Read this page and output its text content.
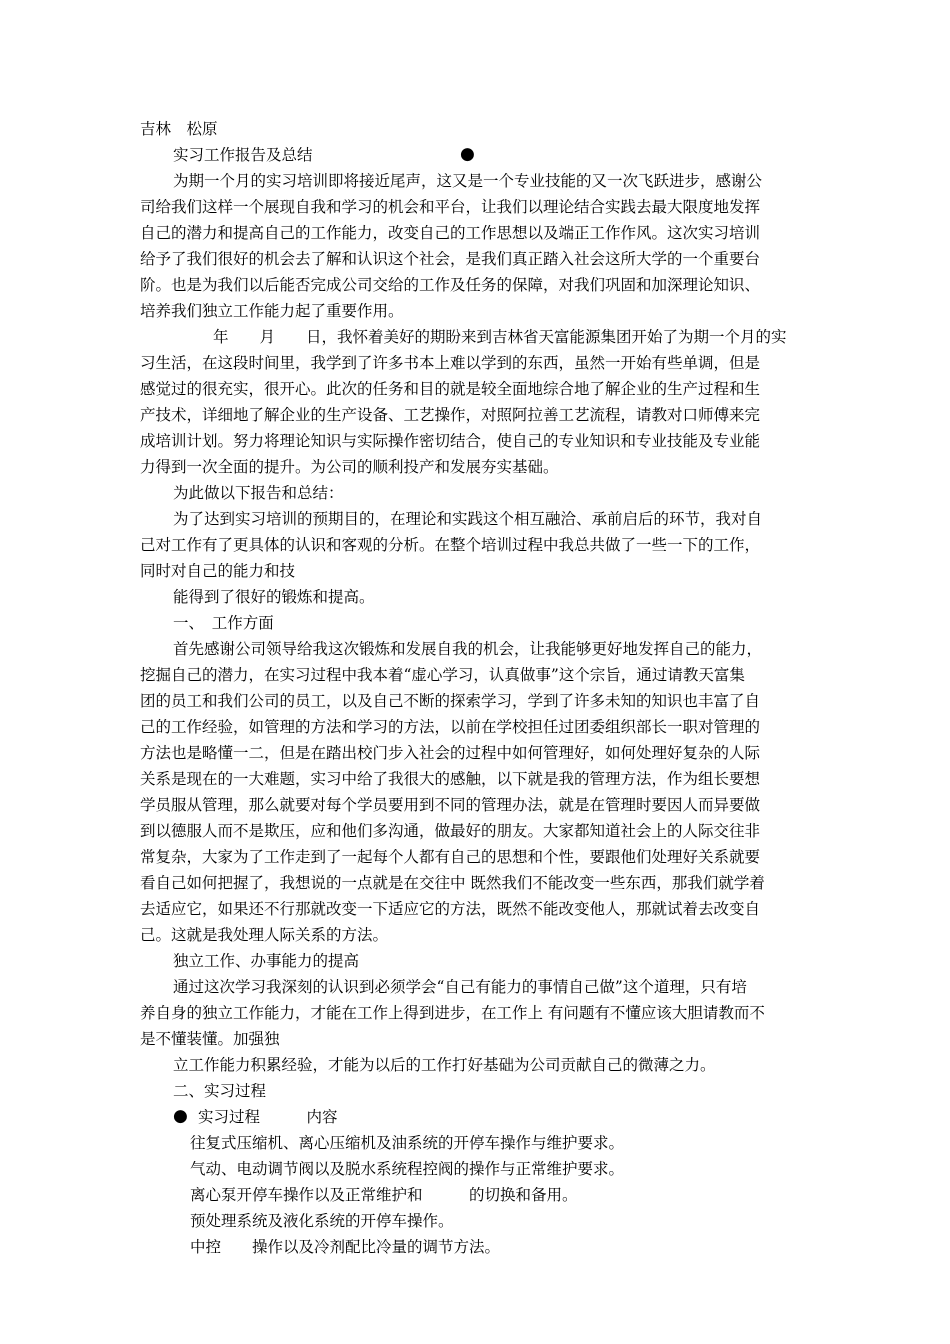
吉林　松原
实习工作报告及总结	●
为期一个月的实习培训即将接近尾声，这又是一个专业技能的又一次飞跃进步，感谢公
司给我们这样一个展现自我和学习的机会和平台，让我们以理论结合实践去最大限度地发挥
自己的潜力和提高自己的工作能力，改变自己的工作思想以及端正工作作风。这次实习培训
给予了我们很好的机会去了解和认识这个社会，是我们真正踏入社会这所大学的一个重要台
阶。也是为我们以后能否完成公司交给的工作及任务的保障，对我们巩固和加深理论知识、
培养我们独立工作能力起了重要作用。
年　　月　　日，我怀着美好的期盼来到吉林省天富能源集团开始了为期一个月的实
习生活，在这段时间里，我学到了许多书本上难以学到的东西，虽然一开始有些单调，但是
感觉过的很充实，很开心。此次的任务和目的就是较全面地综合地了解企业的生产过程和生
产技术，详细地了解企业的生产设备、工艺操作，对照阿拉善工艺流程，请教对口师傅来完
成培训计划。努力将理论知识与实际操作密切结合，使自己的专业知识和专业技能及专业能
力得到一次全面的提升。为公司的顺利投产和发展夯实基础。
为此做以下报告和总结：
为了达到实习培训的预期目的，在理论和实践这个相互融洽、承前启后的环节，我对自
己对工作有了更具体的认识和客观的分析。在整个培训过程中我总共做了一些一下的工作，
同时对自己的能力和技
能得到了很好的锻炼和提高。
一、　工作方面
首先感谢公司领导给我这次锻炼和发展自我的机会，让我能够更好地发挥自己的能力，
挖掘自己的潜力，在实习过程中我本着“虚心学习，认真做事”这个宗旨，通过请教天富集
团的员工和我们公司的员工，以及自己不断的探索学习，学到了许多未知的知识也丰富了自
己的工作经验，如管理的方法和学习的方法，以前在学校担任过团委组织部长一职对管理的
方法也是略懂一二，但是在踏出校门步入社会的过程中如何管理好，如何处理好复杂的人际
关系是现在的一大难题，实习中给了我很大的感触，以下就是我的管理方法，作为组长要想
学员服从管理，那么就要对每个学员要用到不同的管理办法，就是在管理时要因人而异要做
到以德服人而不是欺压，应和他们多沟通，做最好的朋友。大家都知道社会上的人际交往非
常复杂，大家为了工作走到了一起每个人都有自己的思想和个性，要跟他们处理好关系就要
看自己如何把握了，我想说的一点就是在交往中 既然我们不能改变一些东西，那我们就学着
去适应它，如果还不行那就改变一下适应它的方法，既然不能改变他人，那就试着去改变自
己。这就是我处理人际关系的方法。
独立工作、办事能力的提高
通过这次学习我深刻的认识到必须学会“自己有能力的事情自己做”这个道理，只有培
养自身的独立工作能力，才能在工作上得到进步，在工作上 有问题有不懂应该大胆请教而不
是不懂装懂。加强独
立工作能力积累经验，才能为以后的工作打好基础为公司贡献自己的微薄之力。
二、实习过程
● 实习过程　　　内容
往复式压缩机、离心压缩机及油系统的开停车操作与维护要求。
气动、电动调节阀以及脱水系统程控阀的操作与正常维护要求。
离心泵开停车操作以及正常维护和　　　的切换和备用。
预处理系统及液化系统的开停车操作。
中控　　操作以及冷剂配比冷量的调节方法。
